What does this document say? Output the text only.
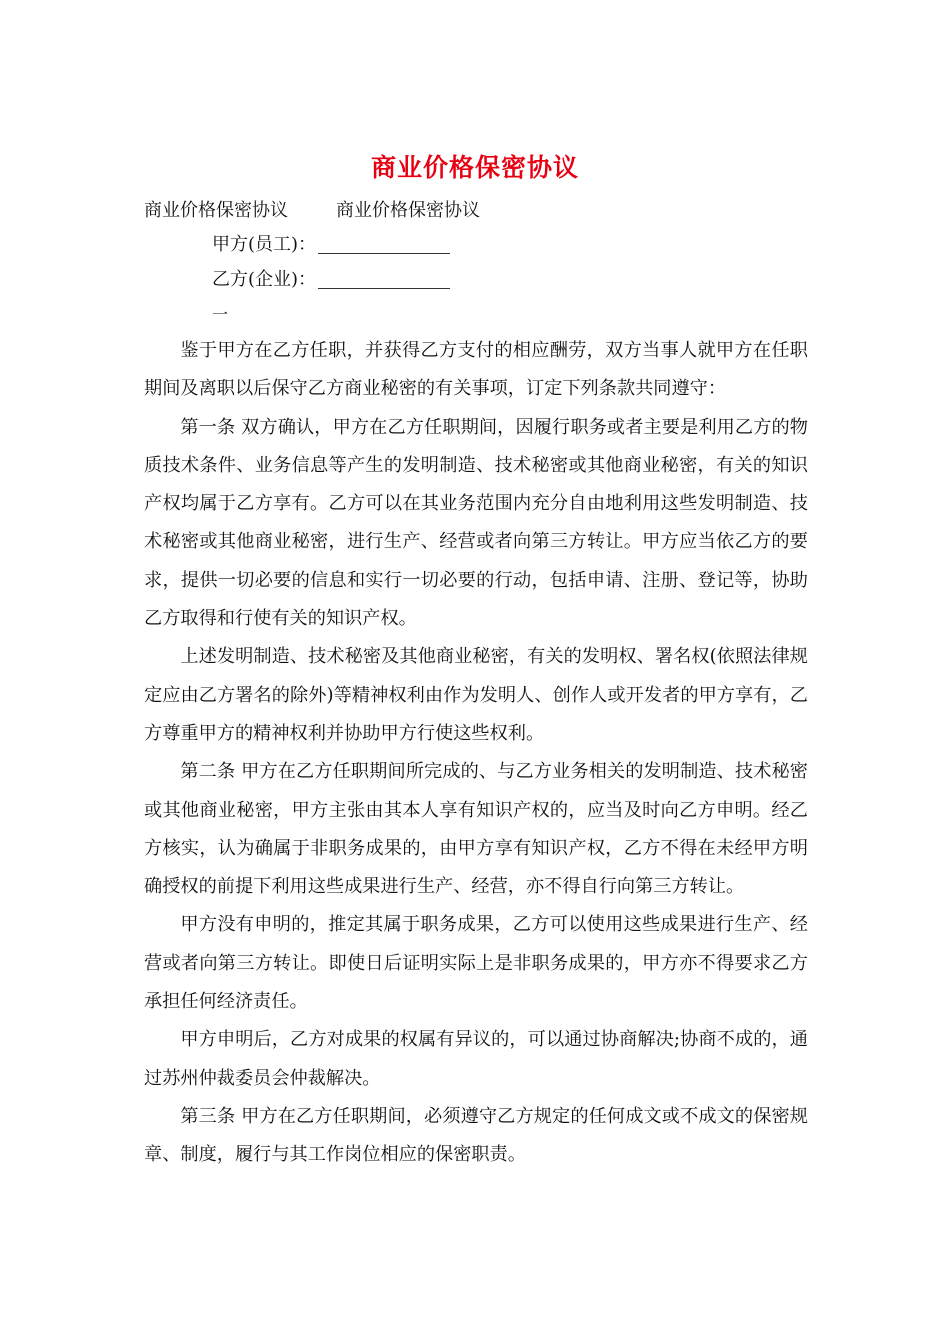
商业价格保密协议
商业价格保密协议	商业价格保密协议
甲方(员工)：
乙方(企业)：
一

鉴于甲方在乙方任职，并获得乙方支付的相应酬劳，双方当事人就甲方在任职期间及离职以后保守乙方商业秘密的有关事项，订定下列条款共同遵守：

第一条 双方确认，甲方在乙方任职期间，因履行职务或者主要是利用乙方的物质技术条件、业务信息等产生的发明制造、技术秘密或其他商业秘密，有关的知识产权均属于乙方享有。乙方可以在其业务范围内充分自由地利用这些发明制造、技术秘密或其他商业秘密，进行生产、经营或者向第三方转让。甲方应当依乙方的要求，提供一切必要的信息和实行一切必要的行动，包括申请、注册、登记等，协助乙方取得和行使有关的知识产权。

上述发明制造、技术秘密及其他商业秘密，有关的发明权、署名权(依照法律规定应由乙方署名的除外)等精神权利由作为发明人、创作人或开发者的甲方享有，乙方尊重甲方的精神权利并协助甲方行使这些权利。

第二条 甲方在乙方任职期间所完成的、与乙方业务相关的发明制造、技术秘密或其他商业秘密，甲方主张由其本人享有知识产权的，应当及时向乙方申明。经乙方核实，认为确属于非职务成果的，由甲方享有知识产权，乙方不得在未经甲方明确授权的前提下利用这些成果进行生产、经营，亦不得自行向第三方转让。

甲方没有申明的，推定其属于职务成果，乙方可以使用这些成果进行生产、经营或者向第三方转让。即使日后证明实际上是非职务成果的，甲方亦不得要求乙方承担任何经济责任。

甲方申明后，乙方对成果的权属有异议的，可以通过协商解决;协商不成的，通过苏州仲裁委员会仲裁解决。

第三条 甲方在乙方任职期间，必须遵守乙方规定的任何成文或不成文的保密规章、制度，履行与其工作岗位相应的保密职责。
